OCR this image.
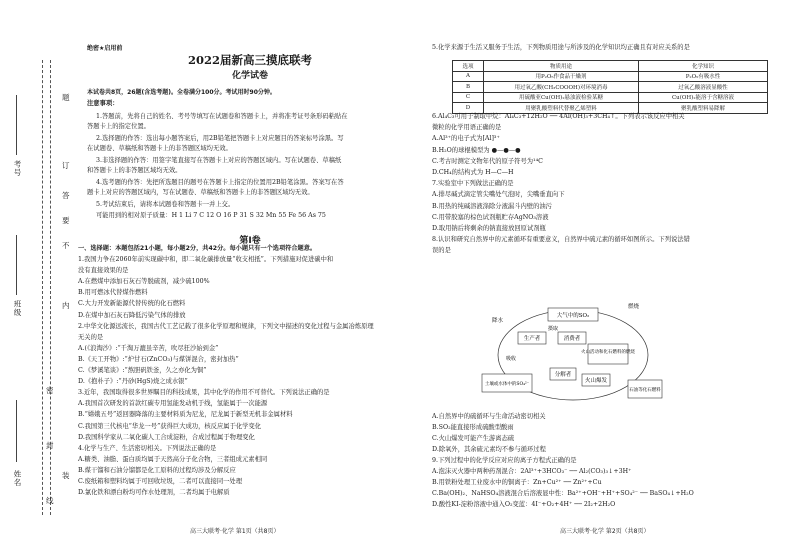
姓名
班级
考号
线
封
密
装
订
内
不
要
答
题
绝密★启用前
2022届新高三摸底联考
化学试卷
本试卷共8页，26题(含选考题)。全卷满分100分。考试用时90分钟。
注意事项：
1.答题前，先将自己的姓名、考号等填写在试题卷和答题卡上，并将准考证号条形码粘贴在
答题卡上的指定位置。
2.选择题的作答：选出每小题答案后，用2B铅笔把答题卡上对应题目的答案标号涂黑。写
在试题卷、草稿纸和答题卡上的非答题区域均无效。
3.非选择题的作答：用签字笔直接写在答题卡上对应的答题区域内。写在试题卷、草稿纸
和答题卡上的非答题区域均无效。
4.选考题的作答：先把所选题目的题号在答题卡上指定的位置用2B铅笔涂黑。答案写在答
题卡上对应的答题区域内，写在试题卷、草稿纸和答题卡上的非答题区域均无效。
5.考试结束后，请将本试题卷和答题卡一并上交。
可能用到的相对原子质量：H 1 Li 7 C 12 O 16 P 31 S 32 Mn 55 Fe 56 As 75
第Ⅰ卷
一、选择题：本题包括21小题，每小题2分，共42分。每小题只有一个选项符合题意。
1.我国力争在2060年前实现碳中和，即二氧化碳排放量“收支相抵”。下列措施对促进碳中和
没有直接效果的是
A.在燃煤中添加石灰石等脱硫剂，减少硫100%
B.用可燃冰代替煤作燃料
C.大力开发新能源代替传统的化石燃料
D.在煤中加石灰石降低污染气体的排放
2.中华文化源远流长，我国古代工艺记载了很多化学原理和规律，下列文中描述的变化过程与金属冶炼原理
无关的是
A.(《浪淘沙》:“千淘万漉虽辛苦，吹尽狂沙始到金”
B.《天工开物》:“炉甘石(ZnCO₃)与煤饼混合，密封加热”
C.《梦溪笔谈》:“熬胆矾铁釜，久之亦化为铜”
D.《抱朴子》:“丹砂(HgS)烧之成水银”
3.近年，我国取得很多世界瞩目的科技成果，其中化学的作用不可替代。下列说法正确的是
A.我国首次研发的首款红碳专用氢能发动机于线，氢能属于一次能源
B.“嫦娥五号”返回器降落的主要材料质为尼龙，尼龙属于新型无机非金属材料
C.我国第三代核电“华龙一号”获得巨大成功，核反应属于化学变化
D.我国科学家从二氧化碳人工合成淀粉，合成过程属于物理变化
4.化学与生产、生活密切相关。下列说法正确的是
A.糖类、油脂、蛋白质均属于天然高分子化合物，三者组成元素相同
B.煤干馏和石油分馏都是化工原料的过程均涉及分解反应
C.废纸箱和塑料均属于可回收垃圾，二者可以直接同一处理
D.氯化铁和漂白粉均可作水处理剂，二者均属于电解质
5.化学来源于生活又服务于生活，下列物质用途与所涉及的化学知识均正确且有对应关系的是
选项	物质用途	化学知识
A	用P₂O₅作食品干燥剂	P₂O₅有吸水性
B	用过氧乙酸(CH₃COOOH)对环境消毒	过氧乙酸溶液显酸性
C	用硫酸亚Cu(OH)₂悬浊液检验某糖	Cu(OH)₂能溶于含糖溶液
D	用聚乳酸塑料代替聚乙烯塑料	聚乳酸塑料易降解
6.Al₄C₃可用于制取甲烷：Al₄C₃+12H₂O ── 4Al(OH)₃+3CH₄↑。下列表示该反应中相关
微粒的化学用语正确的是
A.Al³⁺的电子式为[Al]³⁺
B.H₂O的球棍模型为 ●—●—●
C.考古时测定文物年代的原子符号为¹⁴C
D.CH₄的结构式为 H—C—H
7.实验室中下列做法正确的是
A.排尽碱式滴定管尖嘴处气泡时，尖嘴垂直向下
B.用热的纯碱溶液涤除分液漏斗内壁的油污
C.用带胶塞的棕色试剂瓶贮存AgNO₃溶液
D.取用钠后将剩余的钠直接放回原试剂瓶
8.认识和研究自然界中的元素循环有重要意义，自然界中硫元素的循环如图所示。下列说法错
误的是
A.自然界中的硫循环与生命活动密切相关
B.SO₂能直接形成硫酸型酸雨
C.火山爆发可能产生游离态硫
D.除氧外，其余硫元素均不参与循环过程
9.下列过程中的化学反应对应的离子方程式正确的是
A.泡沫灭火器中两种药剂混合：2Al³⁺+3HCO₃⁻ ── Al₂(CO₃)₃↓+3H⁺
B.用铁粉处理工业废水中的铜离子：Zn+Cu²⁺ ── Zn²⁺+Cu
C.Ba(OH)₂、NaHSO₄溶液混合后溶液显中性：Ba²⁺+OH⁻+H⁺+SO₄²⁻ ── BaSO₄↓+H₂O
D.酸性KI-淀粉溶液中通入O₂变蓝：4I⁻+O₂+4H⁺ ── 2I₂+2H₂O
大气中的SO₂
生产者	消费者
火山活动和化石燃料的燃烧
分解者
火山爆发
土壤或水体中的SO₄²⁻
石油等化石燃料
燃烧
降水
摄取
吸收
高三大联考·化学 第1页（共8页）	高三大联考·化学 第2页（共8页）
